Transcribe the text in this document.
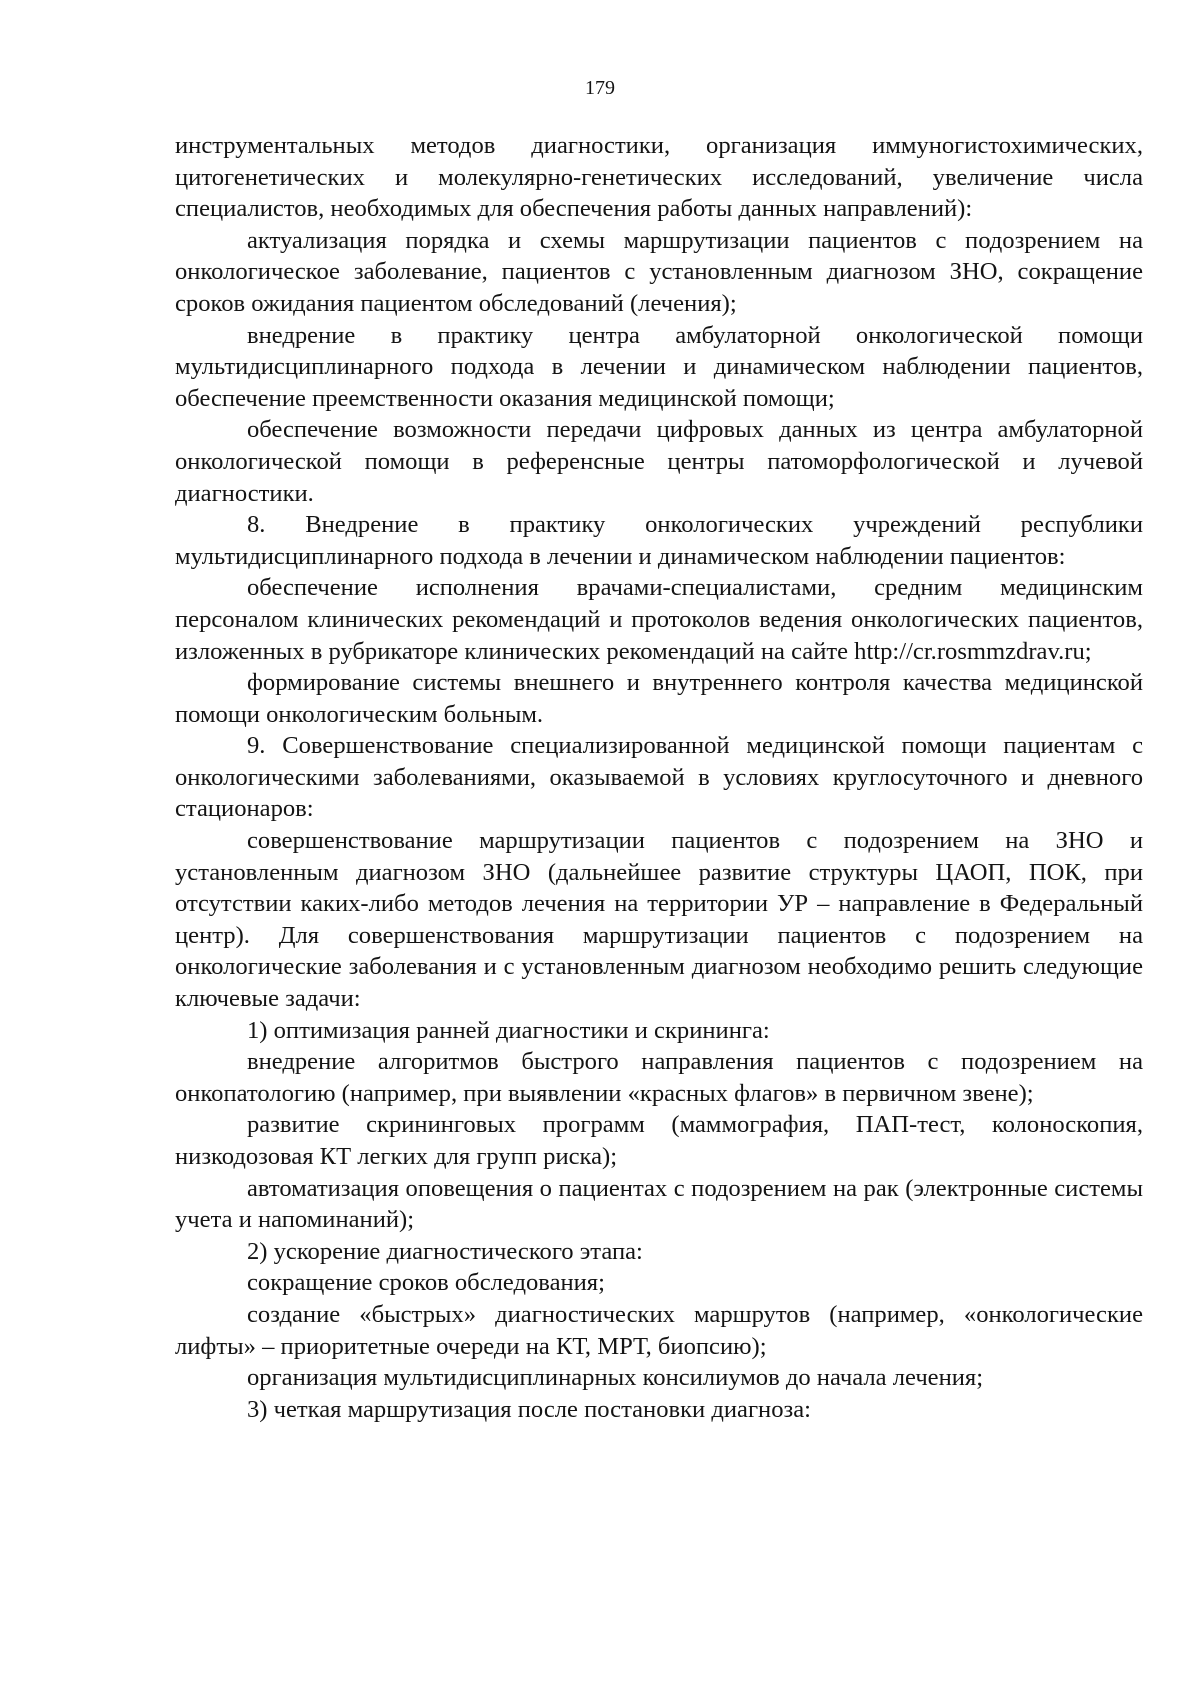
179

инструментальных методов диагностики, организация иммуногистохимических, цитогенетических и молекулярно-генетических исследований, увеличение числа специалистов, необходимых для обеспечения работы данных направлений):

актуализация порядка и схемы маршрутизации пациентов с подозрением на онкологическое заболевание, пациентов с установленным диагнозом ЗНО, сокращение сроков ожидания пациентом обследований (лечения);

внедрение в практику центра амбулаторной онкологической помощи мультидисциплинарного подхода в лечении и динамическом наблюдении пациентов, обеспечение преемственности оказания медицинской помощи;

обеспечение возможности передачи цифровых данных из центра амбулаторной онкологической помощи в референсные центры патоморфологической и лучевой диагностики.

8. Внедрение в практику онкологических учреждений республики мультидисциплинарного подхода в лечении и динамическом наблюдении пациентов:

обеспечение исполнения врачами-специалистами, средним медицинским персоналом клинических рекомендаций и протоколов ведения онкологических пациентов, изложенных в рубрикаторе клинических рекомендаций на сайте http://cr.rosmmzdrav.ru;

формирование системы внешнего и внутреннего контроля качества медицинской помощи онкологическим больным.

9. Совершенствование специализированной медицинской помощи пациентам с онкологическими заболеваниями, оказываемой в условиях круглосуточного и дневного стационаров:

совершенствование маршрутизации пациентов с подозрением на ЗНО и установленным диагнозом ЗНО (дальнейшее развитие структуры ЦАОП, ПОК, при отсутствии каких-либо методов лечения на территории УР – направление в Федеральный центр). Для совершенствования маршрутизации пациентов с подозрением на онкологические заболевания и с установленным диагнозом необходимо решить следующие ключевые задачи:

1) оптимизация ранней диагностики и скрининга:

внедрение алгоритмов быстрого направления пациентов с подозрением на онкопатологию (например, при выявлении «красных флагов» в первичном звене);

развитие скрининговых программ (маммография, ПАП-тест, колоноскопия, низкодозовая КТ легких для групп риска);

автоматизация оповещения о пациентах с подозрением на рак (электронные системы учета и напоминаний);

2) ускорение диагностического этапа:

сокращение сроков обследования;

создание «быстрых» диагностических маршрутов (например, «онкологические лифты» – приоритетные очереди на КТ, МРТ, биопсию);

организация мультидисциплинарных консилиумов до начала лечения;

3) четкая маршрутизация после постановки диагноза:
